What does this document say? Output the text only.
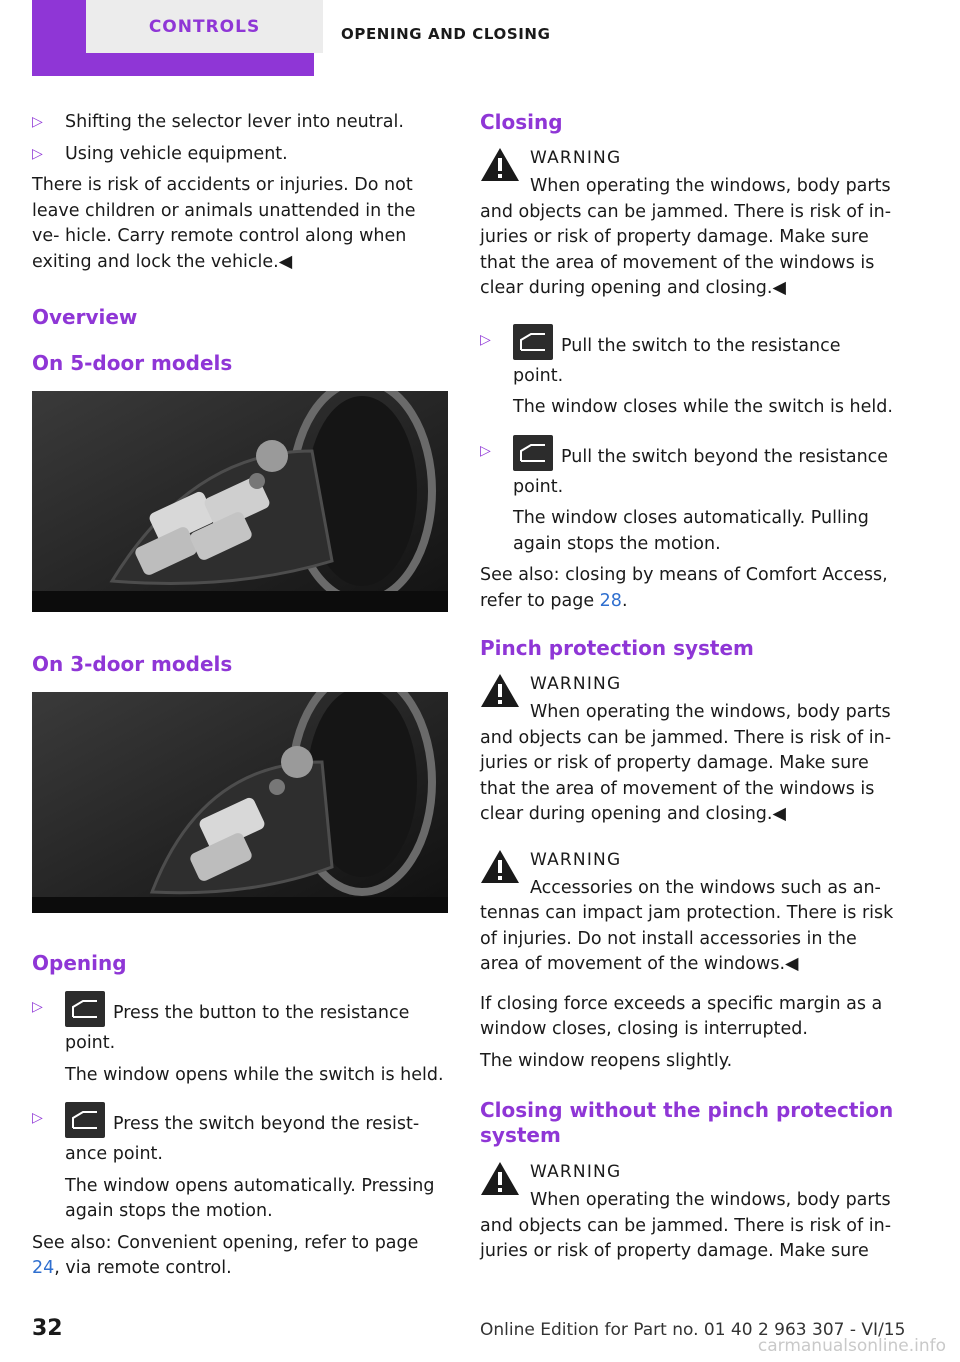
CONTROLS	OPENING AND CLOSING
▷	Shifting the selector lever into neutral.
▷	Using vehicle equipment.

There is risk of accidents or injuries. Do not leave children or animals unattended in the ve‐ hicle. Carry remote control along when exiting and lock the vehicle.◀

Overview
On 5-door models
On 3-door models
Opening
▷	Press the button to the resistance point.
The window opens while the switch is held.
▷	Press the switch beyond the resist‐ ance point.
The window opens automatically. Pressing again stops the motion.

See also: Convenient opening, refer to page 24, via remote control.

Closing
WARNING
When operating the windows, body parts and objects can be jammed. There is risk of in‐ juries or risk of property damage. Make sure that the area of movement of the windows is clear during opening and closing.◀
▷	Pull the switch to the resistance point.
The window closes while the switch is held.
▷	Pull the switch beyond the resistance point.
The window closes automatically. Pulling again stops the motion.

See also: closing by means of Comfort Access, refer to page 28.

Pinch protection system
WARNING
When operating the windows, body parts and objects can be jammed. There is risk of in‐ juries or risk of property damage. Make sure that the area of movement of the windows is clear during opening and closing.◀
WARNING
Accessories on the windows such as an‐ tennas can impact jam protection. There is risk of injuries. Do not install accessories in the area of movement of the windows.◀

If closing force exceeds a specific margin as a window closes, closing is interrupted.

The window reopens slightly.

Closing without the pinch protection system
WARNING
When operating the windows, body parts and objects can be jammed. There is risk of in‐ juries or risk of property damage. Make sure
32	Online Edition for Part no. 01 40 2 963 307 - VI/15
carmanualsonline.info
